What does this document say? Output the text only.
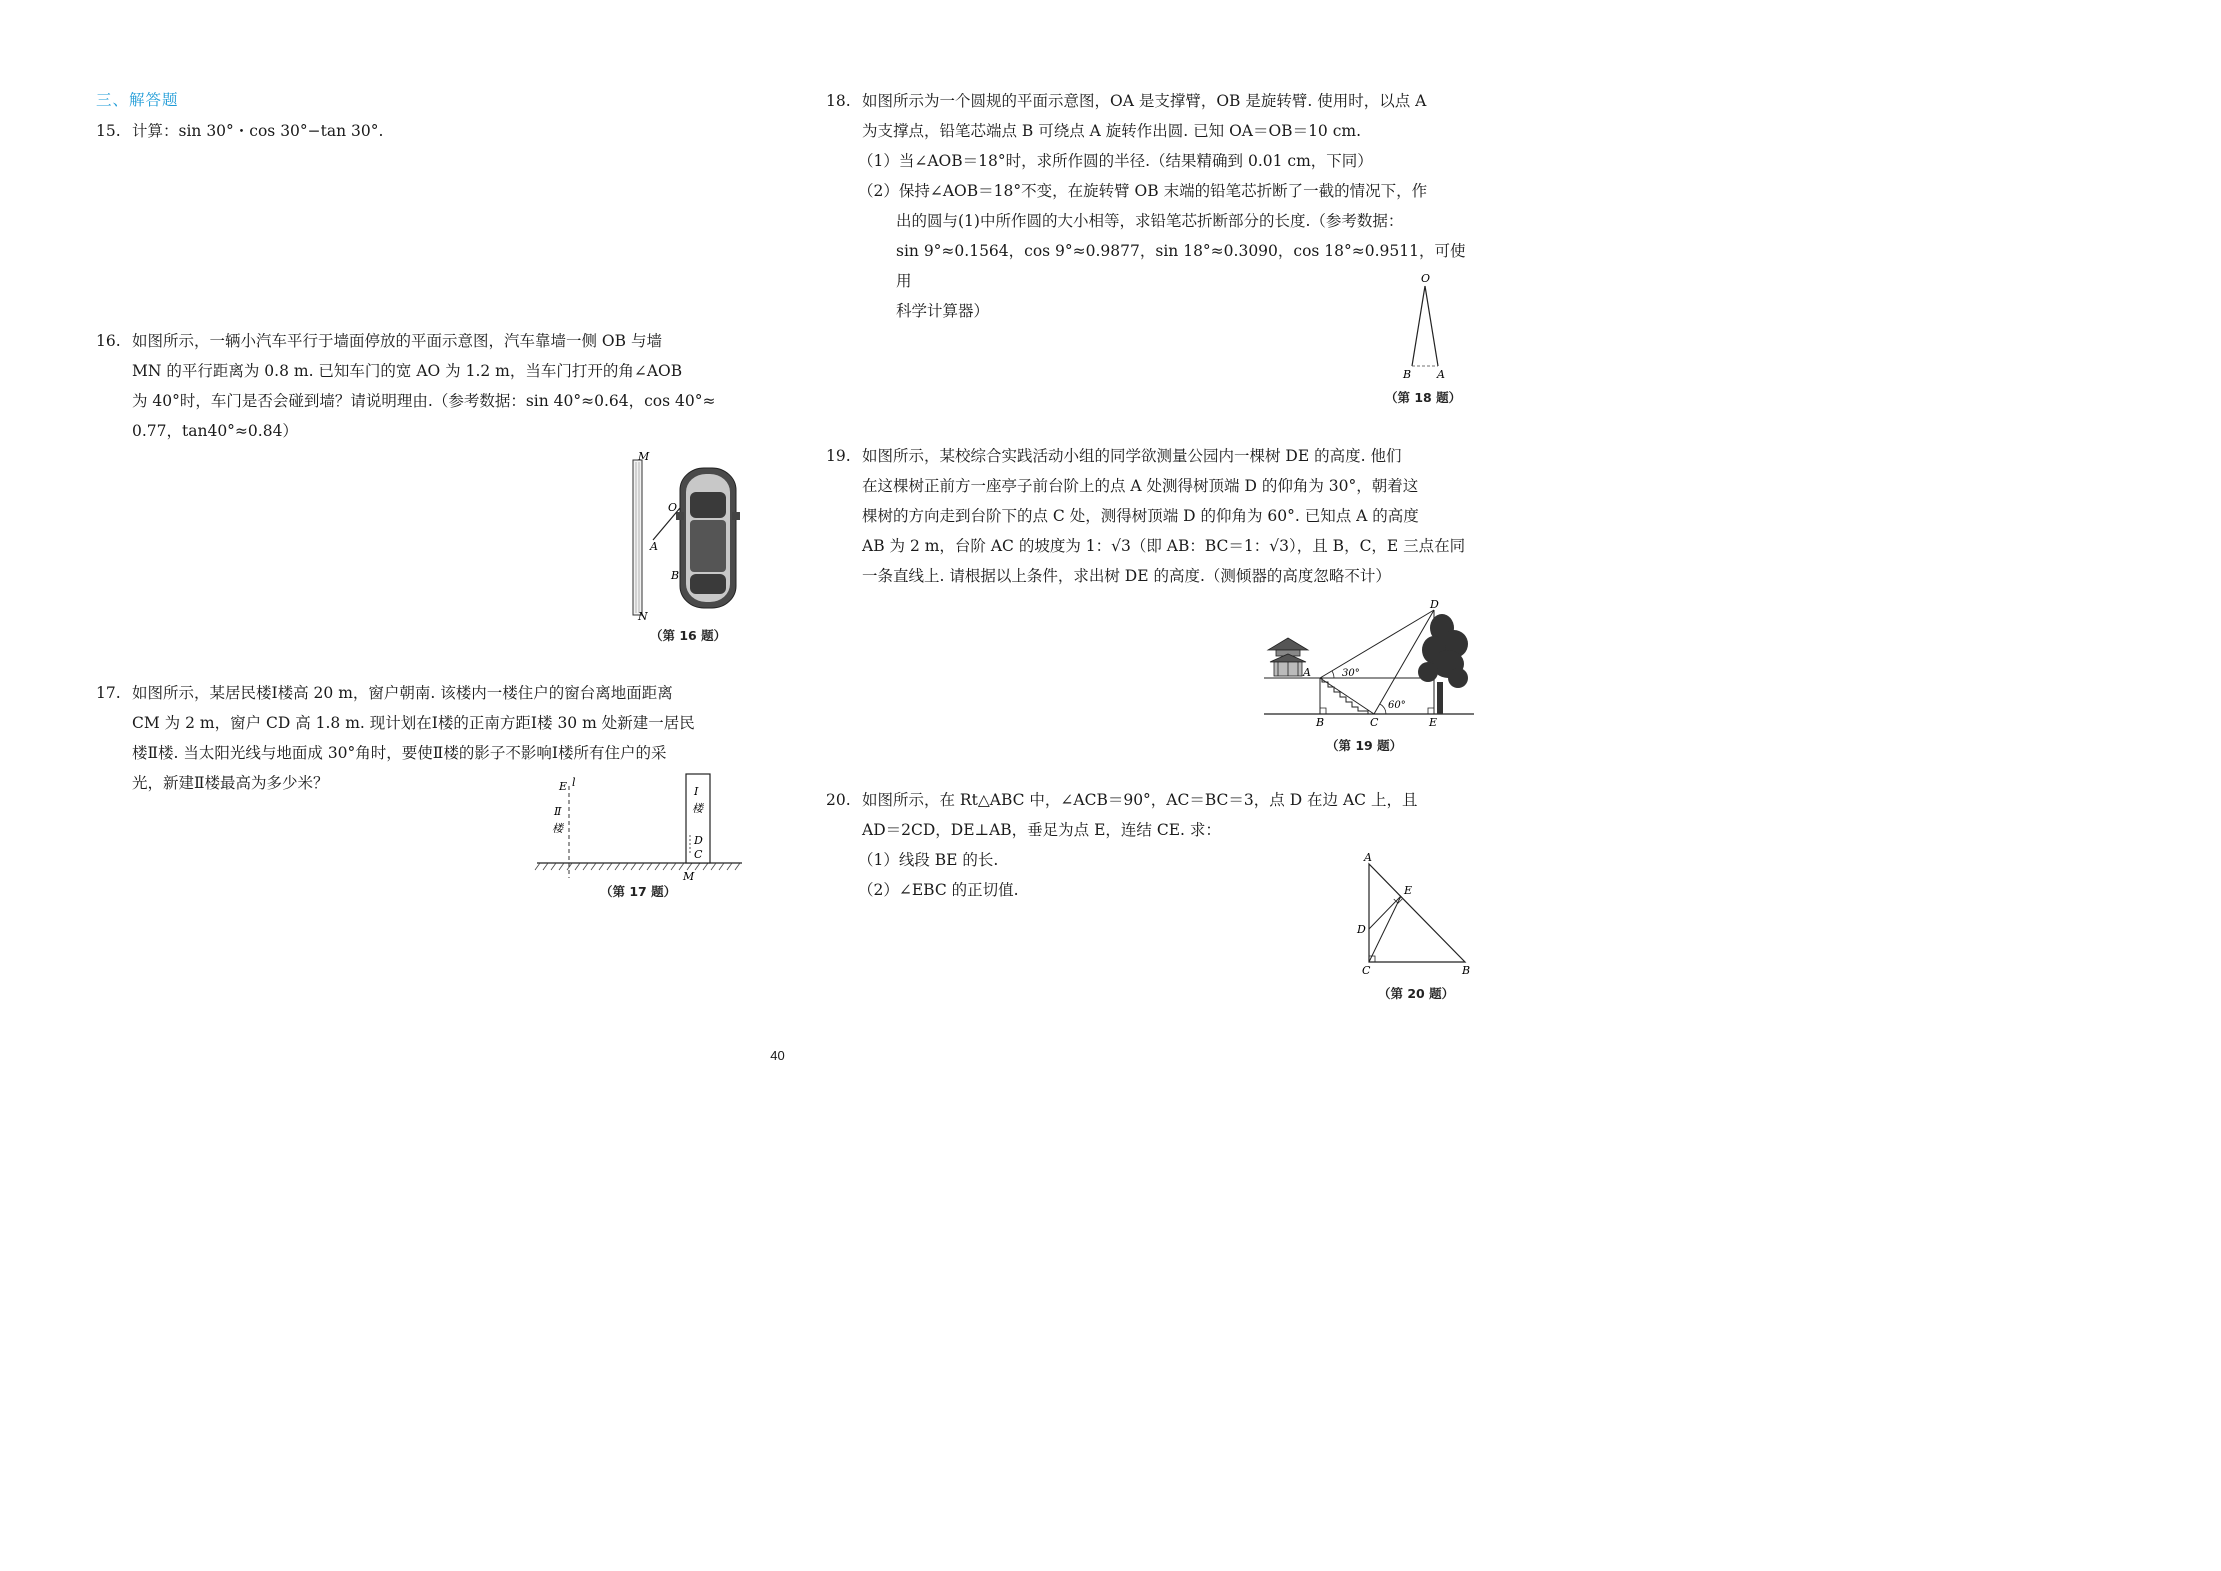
三、解答题
15. 计算：sin 30°・cos 30°−tan 30°.
16. 如图所示，一辆小汽车平行于墙面停放的平面示意图，汽车靠墙一侧 OB 与墙
MN 的平行距离为 0.8 m. 已知车门的宽 AO 为 1.2 m，当车门打开的角∠AOB
为 40°时，车门是否会碰到墙？请说明理由.（参考数据：sin 40°≈0.64，cos 40°≈
0.77，tan40°≈0.84）
M
N
O
A
B
（第 16 题）
17. 如图所示，某居民楼Ⅰ楼高 20 m，窗户朝南. 该楼内一楼住户的窗台离地面距离
CM 为 2 m，窗户 CD 高 1.8 m. 现计划在Ⅰ楼的正南方距Ⅰ楼 30 m 处新建一居民
楼Ⅱ楼. 当太阳光线与地面成 30°角时，要使Ⅱ楼的影子不影响Ⅰ楼所有住户的采
光，新建Ⅱ楼最高为多少米？	E l
Ⅱ
楼
Ⅰ
楼
D
C
M
（第 17 题）
18. 如图所示为一个圆规的平面示意图，OA 是支撑臂，OB 是旋转臂. 使用时，以点 A
为支撑点，铅笔芯端点 B 可绕点 A 旋转作出圆. 已知 OA＝OB＝10 cm.
（1）当∠AOB＝18°时，求所作圆的半径.（结果精确到 0.01 cm，下同）
（2）保持∠AOB＝18°不变，在旋转臂 OB 末端的铅笔芯折断了一截的情况下，作
出的圆与(1)中所作圆的大小相等，求铅笔芯折断部分的长度.（参考数据：
sin 9°≈0.1564，cos 9°≈0.9877，sin 18°≈0.3090，cos 18°≈0.9511，可使用
科学计算器）
O
B A
（第 18 题）
19. 如图所示，某校综合实践活动小组的同学欲测量公园内一棵树 DE 的高度. 他们
在这棵树正前方一座亭子前台阶上的点 A 处测得树顶端 D 的仰角为 30°，朝着这
棵树的方向走到台阶下的点 C 处，测得树顶端 D 的仰角为 60°. 已知点 A 的高度
AB 为 2 m，台阶 AC 的坡度为 1：√3（即 AB：BC＝1：√3），且 B，C，E 三点在同
一条直线上. 请根据以上条件，求出树 DE 的高度.（测倾器的高度忽略不计）
D
A
B	C	E
30°
60°
（第 19 题）
20. 如图所示，在 Rt△ABC 中，∠ACB＝90°，AC＝BC＝3，点 D 在边 AC 上，且
AD＝2CD，DE⊥AB，垂足为点 E，连结 CE. 求：
（1）线段 BE 的长.
（2）∠EBC 的正切值.
A
E
D
C	B
（第 20 题）
40
